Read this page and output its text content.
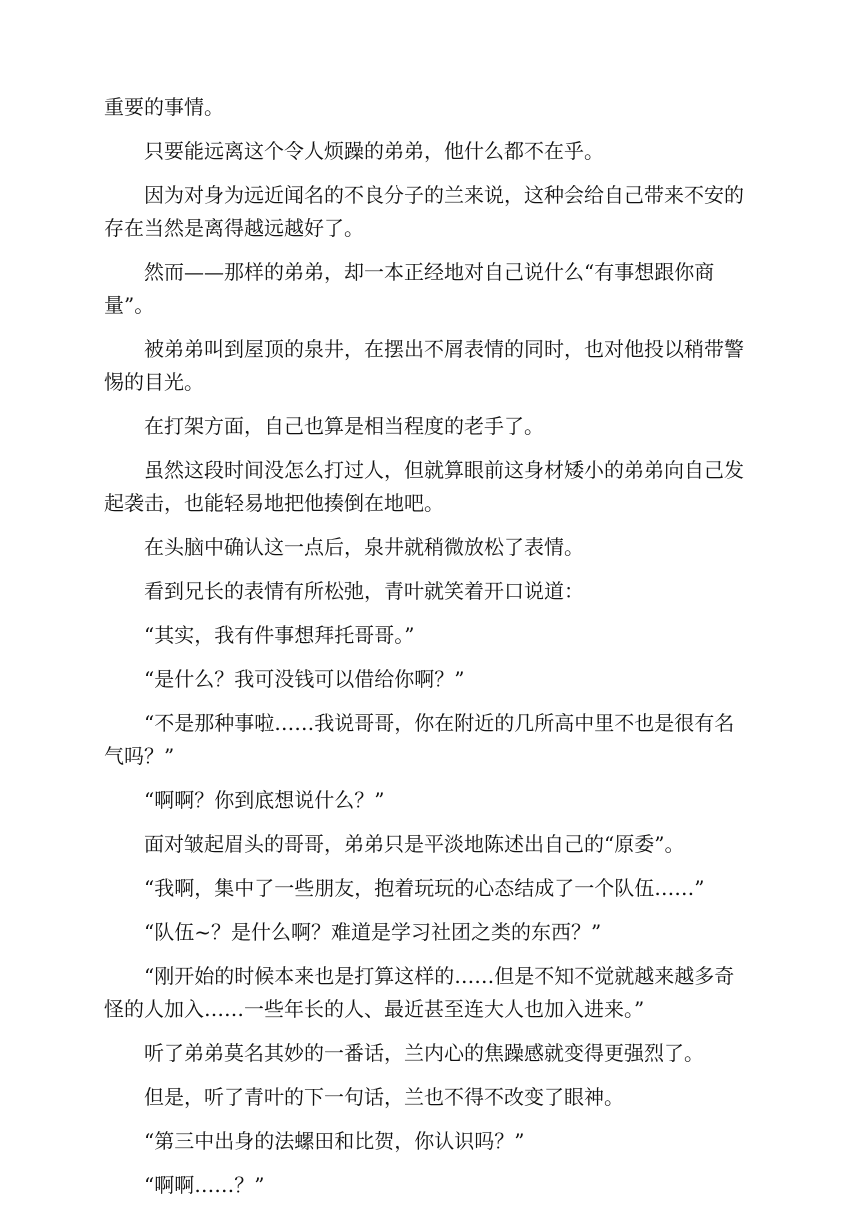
重要的事情。

只要能远离这个令人烦躁的弟弟，他什么都不在乎。

因为对身为远近闻名的不良分子的兰来说，这种会给自己带来不安的存在当然是离得越远越好了。

然而——那样的弟弟，却一本正经地对自己说什么“有事想跟你商量”。

被弟弟叫到屋顶的泉井，在摆出不屑表情的同时，也对他投以稍带警惕的目光。

在打架方面，自己也算是相当程度的老手了。

虽然这段时间没怎么打过人，但就算眼前这身材矮小的弟弟向自己发起袭击，也能轻易地把他揍倒在地吧。

在头脑中确认这一点后，泉井就稍微放松了表情。

看到兄长的表情有所松弛，青叶就笑着开口说道：

“其实，我有件事想拜托哥哥。”

“是什么？我可没钱可以借给你啊？”

“不是那种事啦……我说哥哥，你在附近的几所高中里不也是很有名气吗？”

“啊啊？你到底想说什么？”

面对皱起眉头的哥哥，弟弟只是平淡地陈述出自己的“原委”。

“我啊，集中了一些朋友，抱着玩玩的心态结成了一个队伍……”

“队伍~？是什么啊？难道是学习社团之类的东西？”

“刚开始的时候本来也是打算这样的……但是不知不觉就越来越多奇怪的人加入……一些年长的人、最近甚至连大人也加入进来。”

听了弟弟莫名其妙的一番话，兰内心的焦躁感就变得更强烈了。

但是，听了青叶的下一句话，兰也不得不改变了眼神。

“第三中出身的法螺田和比贺，你认识吗？”

“啊啊……？”
